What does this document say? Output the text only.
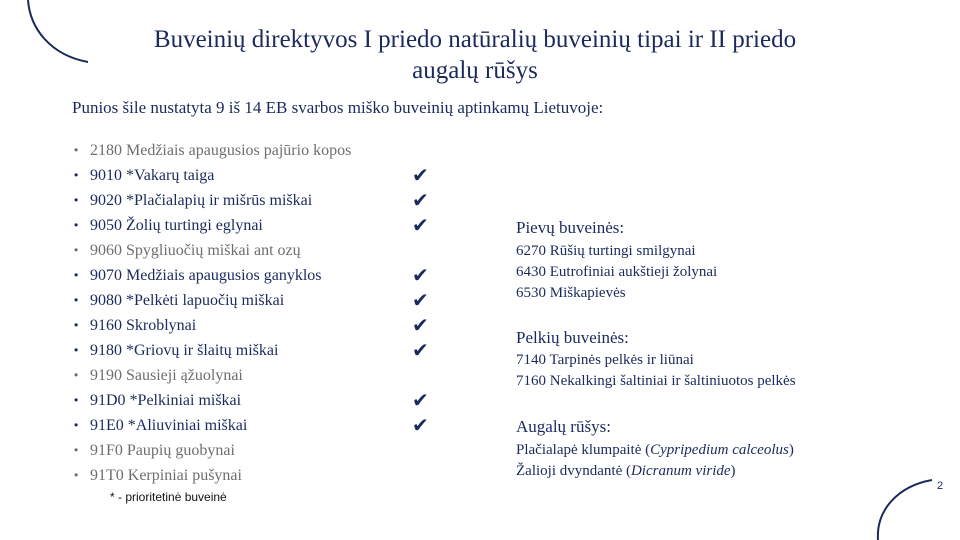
Buveinių direktyvos I priedo natūralių buveinių tipai ir II priedo augalų rūšys
Punios šile nustatyta 9 iš 14 EB svarbos miško buveinių aptinkamų Lietuvoje:
• 2180 Medžiais apaugusios pajūrio kopos
• 9010 *Vakarų taiga
• 9020 *Plačialapių ir mišrūs miškai
• 9050 Žolių turtingi eglynai
• 9060 Spygliuočių miškai ant ozų
• 9070 Medžiais apaugusios ganyklos
• 9080 *Pelkėti lapuočių miškai
• 9160 Skroblynai
• 9180 *Griovų ir šlaitų miškai
• 9190 Sausieji ąžuolynai
• 91D0 *Pelkiniai miškai
• 91E0 *Aliuviniai miškai
• 91F0 Paupių guobynai
• 91T0 Kerpiniai pušynai
✔
✔
✔
✔
✔
✔
✔
✔
✔
* - prioritetinė buveinė
Pievų buveinės:
6270 Rūšių turtingi smilgynai
6430 Eutrofiniai aukštieji žolynai
6530 Miškapievės
Pelkių buveinės:
7140 Tarpinės pelkės ir liūnai
7160 Nekalkingi šaltiniai ir šaltiniuotos pelkės
Augalų rūšys:
Plačialapė klumpaitė (Cypripedium calceolus)
Žalioji dvyndantė (Dicranum viride)
2
